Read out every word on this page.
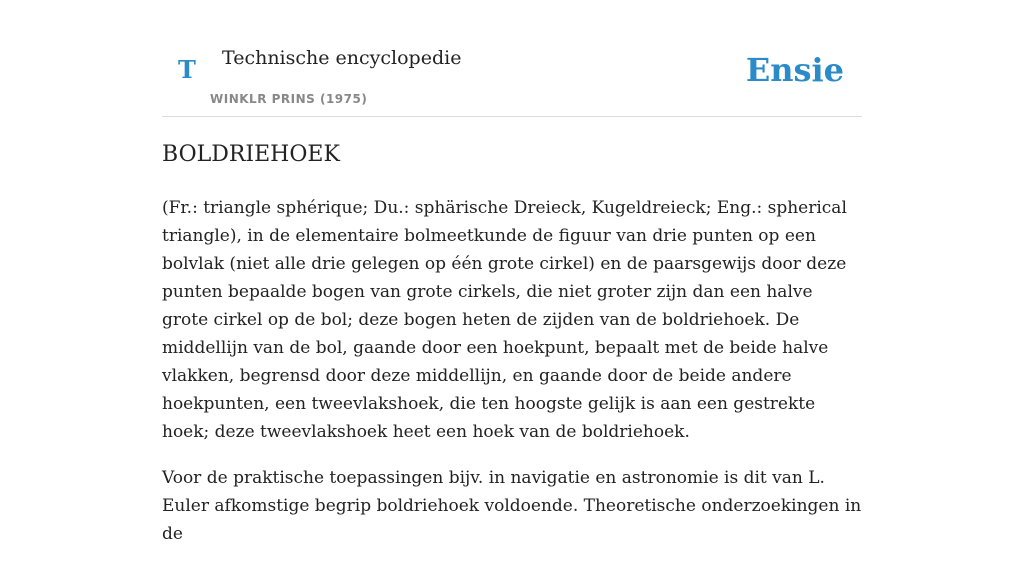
T Technische encyclopedie
WINKLR PRINS (1975)
Ensie
BOLDRIEHOEK

(Fr.: triangle sphérique; Du.: sphärische Dreieck, Kugeldreieck; Eng.: spherical triangle), in de elementaire bolmeetkunde de figuur van drie punten op een bolvlak (niet alle drie gelegen op één grote cirkel) en de paarsgewijs door deze punten bepaalde bogen van grote cirkels, die niet groter zijn dan een halve grote cirkel op de bol; deze bogen heten de zijden van de boldriehoek. De middellijn van de bol, gaande door een hoekpunt, bepaalt met de beide halve vlakken, begrensd door deze middellijn, en gaande door de beide andere hoekpunten, een tweevlakshoek, die ten hoogste gelijk is aan een gestrekte hoek; deze tweevlakshoek heet een hoek van de boldriehoek.

Voor de praktische toepassingen bijv. in navigatie en astronomie is dit van L. Euler afkomstige begrip boldriehoek voldoende. Theoretische onderzoekingen in de
